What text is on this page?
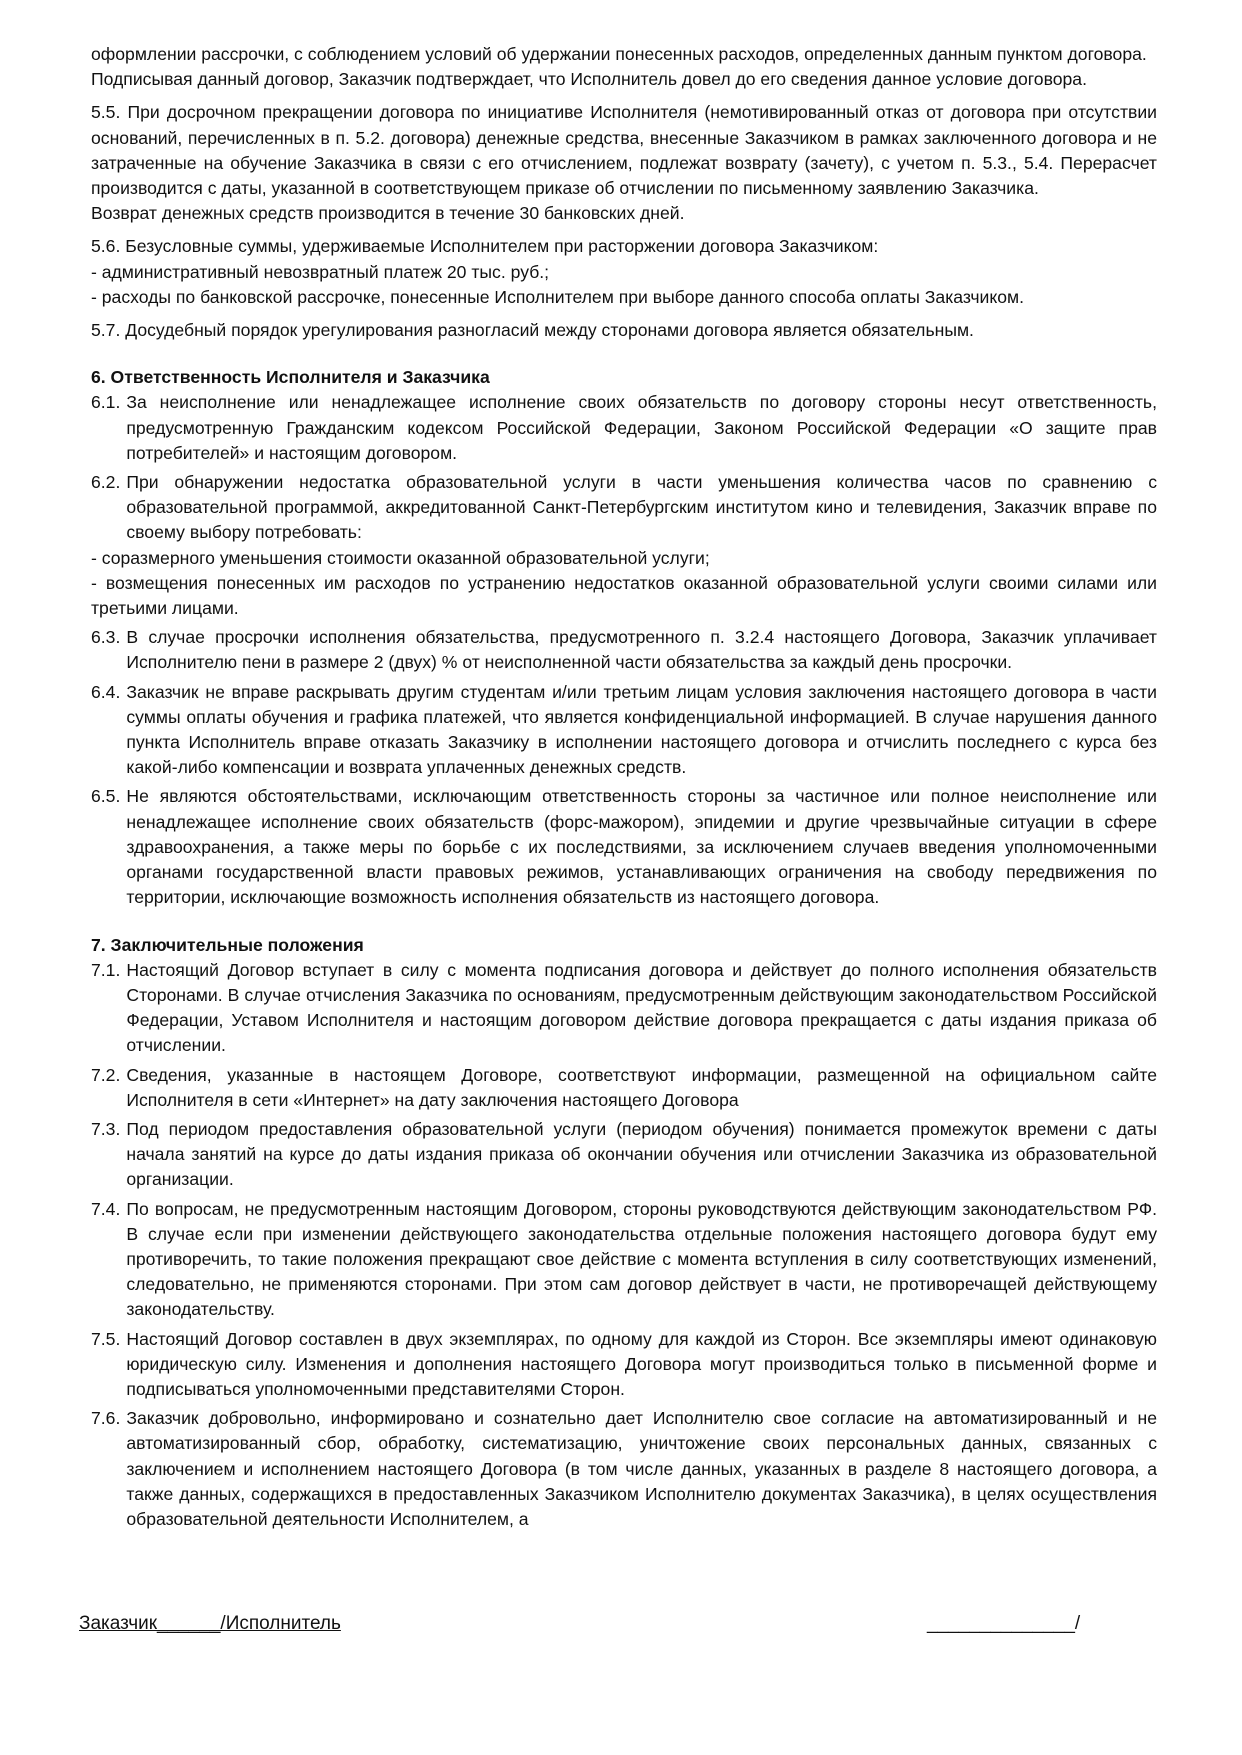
оформлении рассрочки, с соблюдением условий об удержании понесенных расходов, определенных данным пунктом договора.

Подписывая данный договор, Заказчик подтверждает, что Исполнитель довел до его сведения данное условие договора.

5.5. При досрочном прекращении договора по инициативе Исполнителя (немотивированный отказ от договора при отсутствии оснований, перечисленных в п. 5.2. договора) денежные средства, внесенные Заказчиком в рамках заключенного договора и не затраченные на обучение Заказчика в связи с его отчислением, подлежат возврату (зачету), с учетом п. 5.3., 5.4. Перерасчет производится с даты, указанной в соответствующем приказе об отчислении по письменному заявлению Заказчика.

Возврат денежных средств производится в течение 30 банковских дней.

5.6. Безусловные суммы, удерживаемые Исполнителем при расторжении договора Заказчиком:

- административный невозвратный платеж 20 тыс. руб.;

- расходы по банковской рассрочке, понесенные Исполнителем при выборе данного способа оплаты Заказчиком.

5.7. Досудебный порядок урегулирования разногласий между сторонами договора является обязательным.

6. Ответственность Исполнителя и Заказчика

6.1. За неисполнение или ненадлежащее исполнение своих обязательств по договору стороны несут ответственность, предусмотренную Гражданским кодексом Российской Федерации, Законом Российской Федерации «О защите прав потребителей» и настоящим договором.
6.2. При обнаружении недостатка образовательной услуги в части уменьшения количества часов по сравнению с образовательной программой, аккредитованной Санкт-Петербургским институтом кино и телевидения, Заказчик вправе по своему выбору потребовать:

- соразмерного уменьшения стоимости оказанной образовательной услуги;

- возмещения понесенных им расходов по устранению недостатков оказанной образовательной услуги своими силами или третьими лицами.

6.3. В случае просрочки исполнения обязательства, предусмотренного п. 3.2.4 настоящего Договора, Заказчик уплачивает Исполнителю пени в размере 2 (двух) % от неисполненной части обязательства за каждый день просрочки.
6.4. Заказчик не вправе раскрывать другим студентам и/или третьим лицам условия заключения настоящего договора в части суммы оплаты обучения и графика платежей, что является конфиденциальной информацией. В случае нарушения данного пункта Исполнитель вправе отказать Заказчику в исполнении настоящего договора и отчислить последнего с курса без какой-либо компенсации и возврата уплаченных денежных средств.
6.5. Не являются обстоятельствами, исключающим ответственность стороны за частичное или полное неисполнение или ненадлежащее исполнение своих обязательств (форс-мажором), эпидемии и другие чрезвычайные ситуации в сфере здравоохранения, а также меры по борьбе с их последствиями, за исключением случаев введения уполномоченными органами государственной власти правовых режимов, устанавливающих ограничения на свободу передвижения по территории, исключающие возможность исполнения обязательств из настоящего договора.

7. Заключительные положения

7.1. Настоящий Договор вступает в силу с момента подписания договора и действует до полного исполнения обязательств Сторонами. В случае отчисления Заказчика по основаниям, предусмотренным действующим законодательством Российской Федерации, Уставом Исполнителя и настоящим договором действие договора прекращается с даты издания приказа об отчислении.
7.2. Сведения, указанные в настоящем Договоре, соответствуют информации, размещенной на официальном сайте Исполнителя в сети «Интернет» на дату заключения настоящего Договора
7.3. Под периодом предоставления образовательной услуги (периодом обучения) понимается промежуток времени с даты начала занятий на курсе до даты издания приказа об окончании обучения или отчислении Заказчика из образовательной организации.
7.4. По вопросам, не предусмотренным настоящим Договором, стороны руководствуются действующим законодательством РФ. В случае если при изменении действующего законодательства отдельные положения настоящего договора будут ему противоречить, то такие положения прекращают свое действие с момента вступления в силу соответствующих изменений, следовательно, не применяются сторонами. При этом сам договор действует в части, не противоречащей действующему законодательству.
7.5. Настоящий Договор составлен в двух экземплярах, по одному для каждой из Сторон. Все экземпляры имеют одинаковую юридическую силу. Изменения и дополнения настоящего Договора могут производиться только в письменной форме и подписываться уполномоченными представителями Сторон.
7.6. Заказчик добровольно, информировано и сознательно дает Исполнителю свое согласие на автоматизированный и не автоматизированный сбор, обработку, систематизацию, уничтожение своих персональных данных, связанных с заключением и исполнением настоящего Договора (в том числе данных, указанных в разделе 8 настоящего договора, а также данных, содержащихся в предоставленных Заказчиком Исполнителю документах Заказчика), в целях осуществления образовательной деятельности Исполнителем, а
Заказчик______/Исполнитель	______________/
